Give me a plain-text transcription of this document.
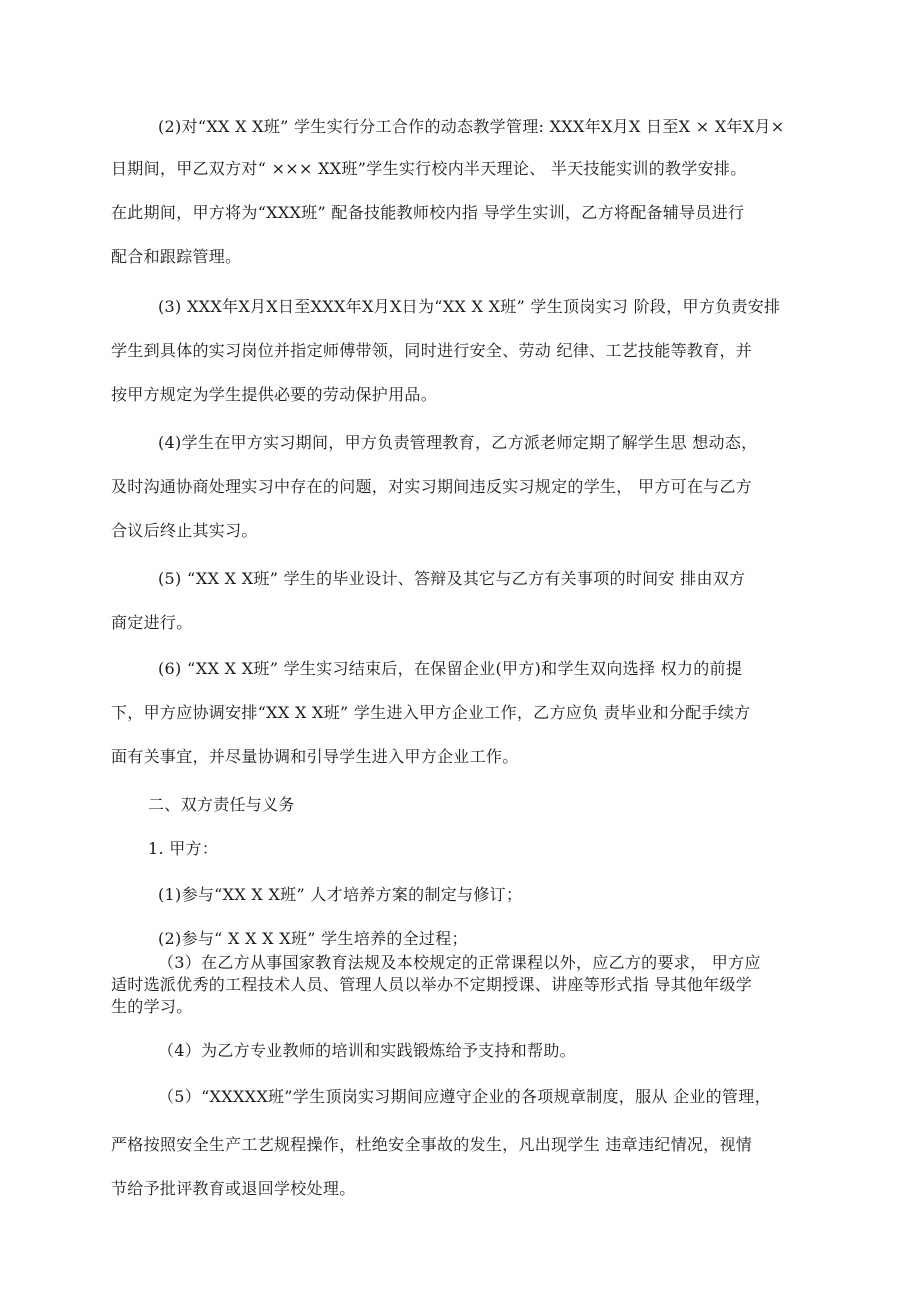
(2)对“XX X X班” 学生实行分工合作的动态教学管理: XXX年X月X 日至X × X年X月×
日期间，甲乙双方对“ ××× XX班”学生实行校内半天理论、 半天技能实训的教学安排。
在此期间，甲方将为“XXX班” 配备技能教师校内指 导学生实训，乙方将配备辅导员进行
配合和跟踪管理。
(3) XXX年X月X日至XXX年X月X日为“XX X X班” 学生顶岗实习 阶段，甲方负责安排
学生到具体的实习岗位并指定师傅带领，同时进行安全、劳动 纪律、工艺技能等教育，并
按甲方规定为学生提供必要的劳动保护用品。
(4)学生在甲方实习期间，甲方负责管理教育，乙方派老师定期了解学生思 想动态，
及时沟通协商处理实习中存在的问题，对实习期间违反实习规定的学生， 甲方可在与乙方
合议后终止其实习。
(5) “XX X X班” 学生的毕业设计、答辩及其它与乙方有关事项的时间安 排由双方
商定进行。
(6) “XX X X班” 学生实习结束后，在保留企业(甲方)和学生双向选择 权力的前提
下，甲方应协调安排“XX X X班” 学生进入甲方企业工作，乙方应负 责毕业和分配手续方
面有关事宜，并尽量协调和引导学生进入甲方企业工作。
二、双方责任与义务
1. 甲方：
(1)参与“XX X X班” 人才培养方案的制定与修订；
(2)参与“ X X X X班” 学生培养的全过程；
（3）在乙方从事国家教育法规及本校规定的正常课程以外，应乙方的要求， 甲方应
适时选派优秀的工程技术人员、管理人员以举办不定期授课、讲座等形式指 导其他年级学
生的学习。
（4）为乙方专业教师的培训和实践锻炼给予支持和帮助。
（5）“XXXXX班”学生顶岗实习期间应遵守企业的各项规章制度，服从 企业的管理，
严格按照安全生产工艺规程操作，杜绝安全事故的发生，凡出现学生 违章违纪情况，视情
节给予批评教育或退回学校处理。
